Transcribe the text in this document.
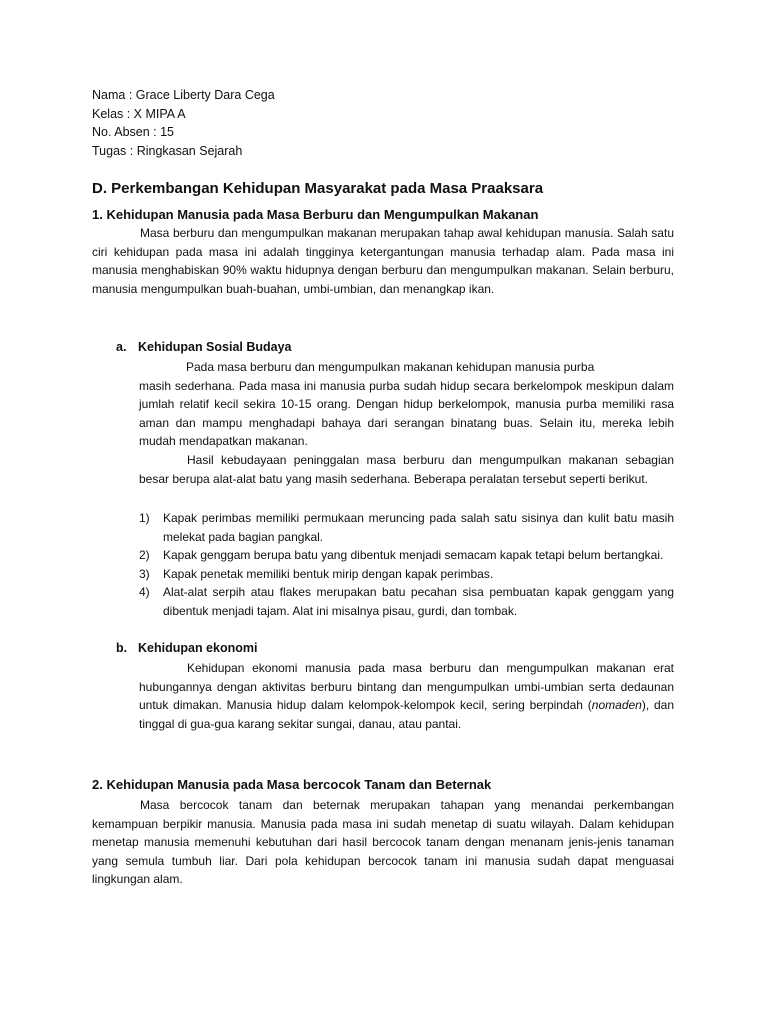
Nama : Grace Liberty Dara Cega
Kelas : X MIPA A
No. Absen : 15
Tugas : Ringkasan Sejarah
D. Perkembangan Kehidupan Masyarakat pada Masa Praaksara
1. Kehidupan Manusia pada Masa Berburu dan Mengumpulkan Makanan

Masa berburu dan mengumpulkan makanan merupakan tahap awal kehidupan manusia. Salah satu ciri kehidupan pada masa ini adalah tingginya ketergantungan manusia terhadap alam. Pada masa ini manusia menghabiskan 90% waktu hidupnya dengan berburu dan mengumpulkan makanan. Selain berburu, manusia mengumpulkan buah-buahan, umbi-umbian, dan menangkap ikan.

a. Kehidupan Sosial Budaya

Pada masa berburu dan mengumpulkan makanan kehidupan manusia purba

masih sederhana. Pada masa ini manusia purba sudah hidup secara berkelompok meskipun dalam jumlah relatif kecil sekira 10-15 orang. Dengan hidup berkelompok, manusia purba memiliki rasa aman dan mampu menghadapi bahaya dari serangan binatang buas. Selain itu, mereka lebih mudah mendapatkan makanan.

Hasil kebudayaan peninggalan masa berburu dan mengumpulkan makanan sebagian besar berupa alat-alat batu yang masih sederhana. Beberapa peralatan tersebut seperti berikut.

1) Kapak perimbas memiliki permukaan meruncing pada salah satu sisinya dan kulit batu masih melekat pada bagian pangkal.
2) Kapak genggam berupa batu yang dibentuk menjadi semacam kapak tetapi belum bertangkai.
3) Kapak penetak memiliki bentuk mirip dengan kapak perimbas.
4) Alat-alat serpih atau flakes merupakan batu pecahan sisa pembuatan kapak genggam yang dibentuk menjadi tajam. Alat ini misalnya pisau, gurdi, dan tombak.
b. Kehidupan ekonomi

Kehidupan ekonomi manusia pada masa berburu dan mengumpulkan makanan erat hubungannya dengan aktivitas berburu bintang dan mengumpulkan umbi-umbian serta dedaunan untuk dimakan. Manusia hidup dalam kelompok-kelompok kecil, sering berpindah (nomaden), dan tinggal di gua-gua karang sekitar sungai, danau, atau pantai.

2. Kehidupan Manusia pada Masa bercocok Tanam dan Beternak

Masa bercocok tanam dan beternak merupakan tahapan yang menandai perkembangan kemampuan berpikir manusia. Manusia pada masa ini sudah menetap di suatu wilayah. Dalam kehidupan menetap manusia memenuhi kebutuhan dari hasil bercocok tanam dengan menanam jenis-jenis tanaman yang semula tumbuh liar. Dari pola kehidupan bercocok tanam ini manusia sudah dapat menguasai lingkungan alam.
